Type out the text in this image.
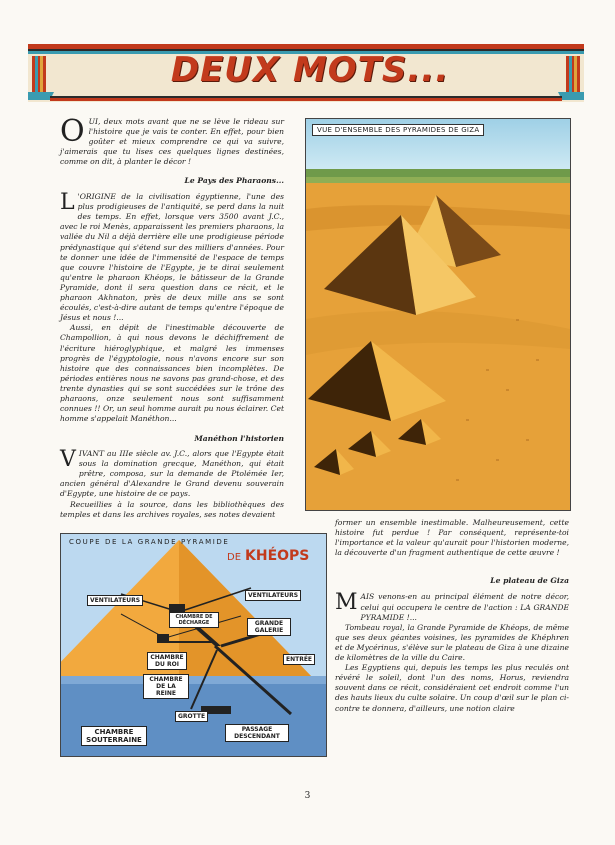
DEUX MOTS...
O UI, deux mots avant que ne se lève le rideau sur l'histoire que je vais te conter. En effet, pour bien goûter et mieux comprendre ce qui va suivre, j'aimerais que tu lises ces quelques lignes destinées, comme on dit, à planter le décor !

Le Pays des Pharaons...

L 'ORIGINE de la civilisation égyptienne, l'une des plus prodigieuses de l'antiquité, se perd dans la nuit des temps. En effet, lorsque vers 3500 avant J.C., avec le roi Menès, apparaissent les premiers pharaons, la vallée du Nil a déjà derrière elle une prodigieuse période prédynastique qui s'étend sur des milliers d'années. Pour te donner une idée de l'immensité de l'espace de temps que couvre l'histoire de l'Egypte, je te dirai seulement qu'entre le pharaon Khéops, le bâtisseur de la Grande Pyramide, dont il sera question dans ce récit, et le pharaon Akhnaton, près de deux mille ans se sont écoulés, c'est-à-dire autant de temps qu'entre l'époque de Jésus et nous !...

Aussi, en dépit de l'inestimable découverte de Champollion, à qui nous devons le déchiffrement de l'écriture hiéroglyphique, et malgré les immenses progrès de l'égyptologie, nous n'avons encore sur son histoire que des connaissances bien incomplètes. De périodes entières nous ne savons pas grand-chose, et des trente dynasties qui se sont succédées sur le trône des pharaons, onze seulement nous sont suffisamment connues !! Or, un seul homme aurait pu nous éclairer. Cet homme s'appelait Manéthon...

Manéthon l'historien

VIVANT au IIIe siècle av. J.C., alors que l'Egypte était sous la domination grecque, Manéthon, qui était prêtre, composa, sur la demande de Ptolémée Ier, ancien général d'Alexandre le Grand devenu souverain d'Egypte, une histoire de ce pays.

Recueillies à la source, dans les bibliothèques des temples et dans les archives royales, ses notes devaient

VUE D'ENSEMBLE DES PYRAMIDES DE GIZA
COUPE DE LA GRANDE PYRAMIDE
DE KHÉOPS
VENTILATEURS
VENTILATEURS
CHAMBRE DE DÉCHARGE	GRANDE GALERIE
CHAMBRE DU ROI
ENTRÉE
CHAMBRE DE LA REINE
GROTTE
CHAMBRE SOUTERRAINE
PASSAGE DESCENDANT

former un ensemble inestimable. Malheureusement, cette histoire fut perdue ! Par conséquent, représente-toi l'importance et la valeur qu'aurait pour l'historien moderne, la découverte d'un fragment authentique de cette œuvre !

Le plateau de Giza

MAIS venons-en au principal élément de notre décor, celui qui occupera le centre de l'action : LA GRANDE PYRAMIDE !...

Tombeau royal, la Grande Pyramide de Khéops, de même que ses deux géantes voisines, les pyramides de Khéphren et de Mycérinus, s'élève sur le plateau de Giza à une dizaine de kilomètres de la ville du Caire.

Les Egyptiens qui, depuis les temps les plus reculés ont révéré le soleil, dont l'un des noms, Horus, reviendra souvent dans ce récit, considéraient cet endroit comme l'un des hauts lieux du culte solaire. Un coup d'œil sur le plan ci-contre te donnera, d'ailleurs, une notion claire

3
